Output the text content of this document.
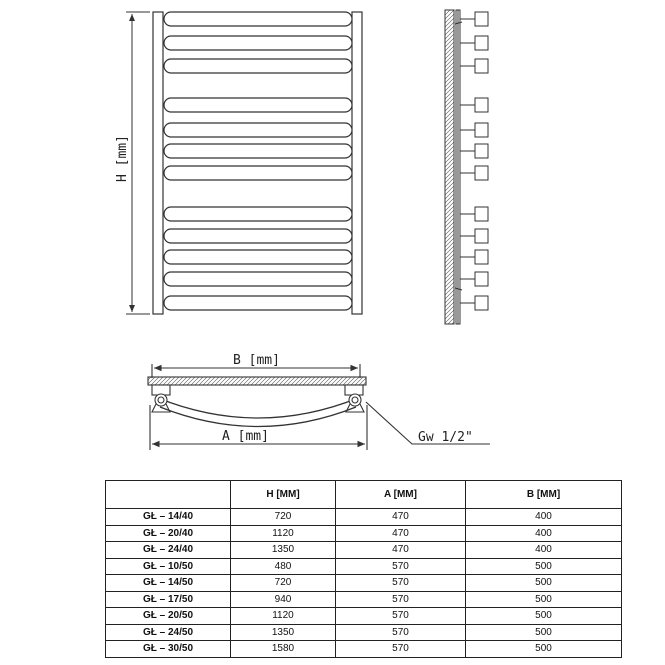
H [mm]
B [mm]
A [mm]	Gw 1/2"
	H [MM]	A [MM]	B [MM]
GŁ – 14/40	720	470	400
GŁ – 20/40	1120	470	400
GŁ – 24/40	1350	470	400
GŁ – 10/50	480	570	500
GŁ – 14/50	720	570	500
GŁ – 17/50	940	570	500
GŁ – 20/50	1120	570	500
GŁ – 24/50	1350	570	500
GŁ – 30/50	1580	570	500
